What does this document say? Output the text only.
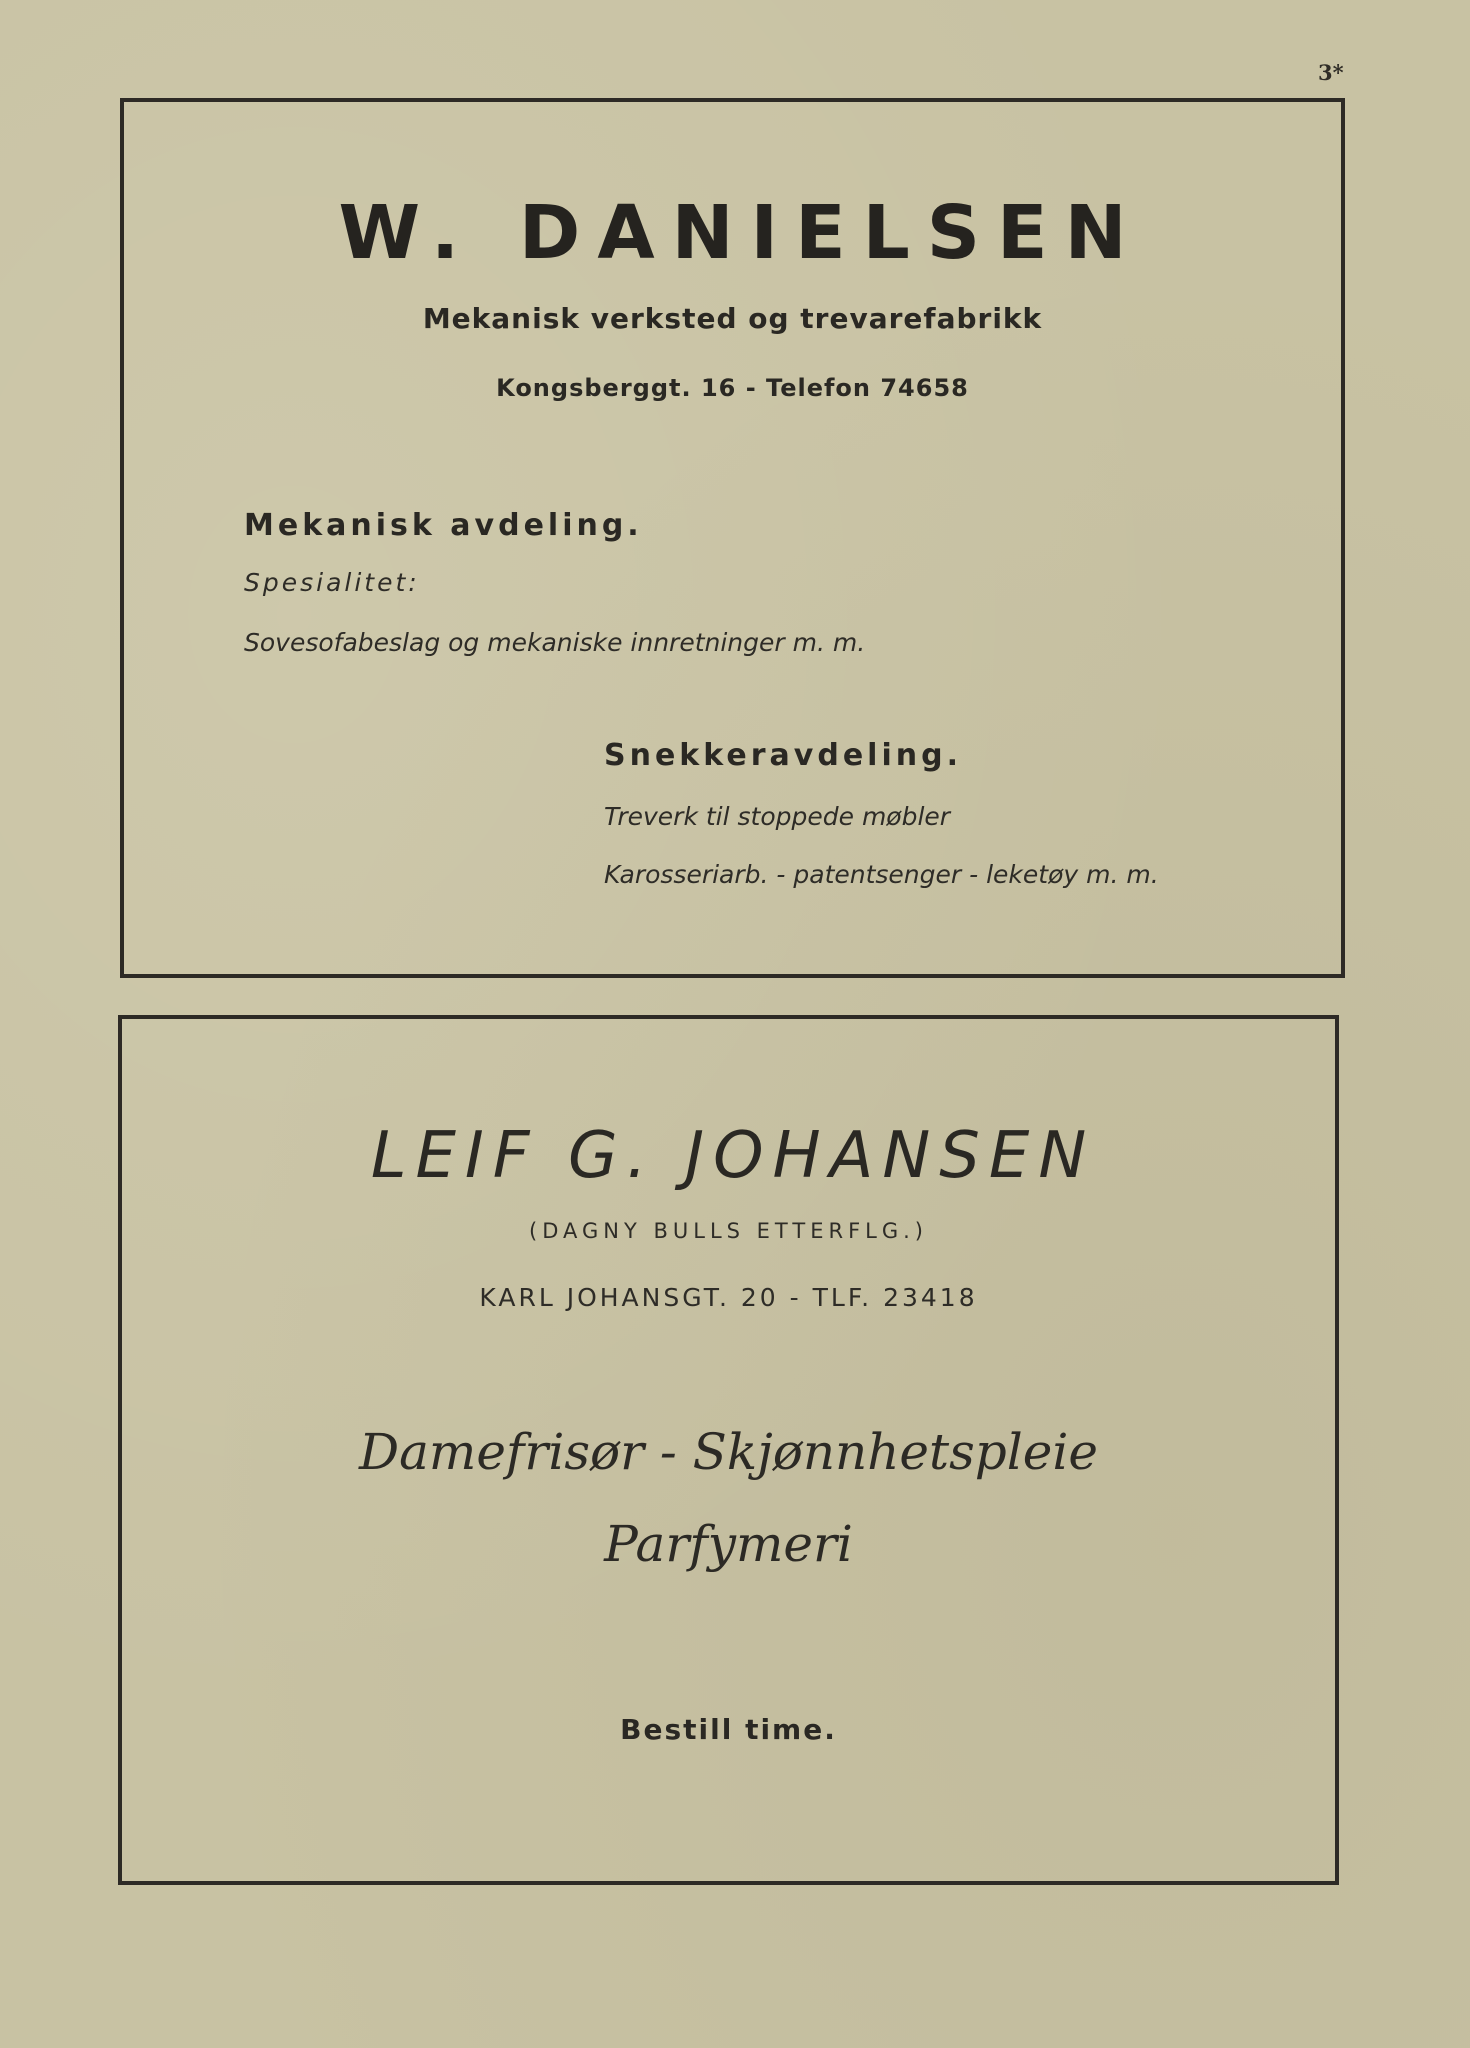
3*
W. DANIELSEN
Mekanisk verksted og trevarefabrikk
Kongsberggt. 16 - Telefon 74658
Mekanisk avdeling.
Spesialitet:
Sovesofabeslag og mekaniske innretninger m. m.
Snekkeravdeling.
Treverk til stoppede møbler
Karosseriarb. - patentsenger - leketøy m. m.
LEIF G. JOHANSEN
(DAGNY BULLS ETTERFLG.)
KARL JOHANSGT. 20 - TLF. 23418
Damefrisør - Skjønnhetspleie
Parfymeri
Bestill time.
